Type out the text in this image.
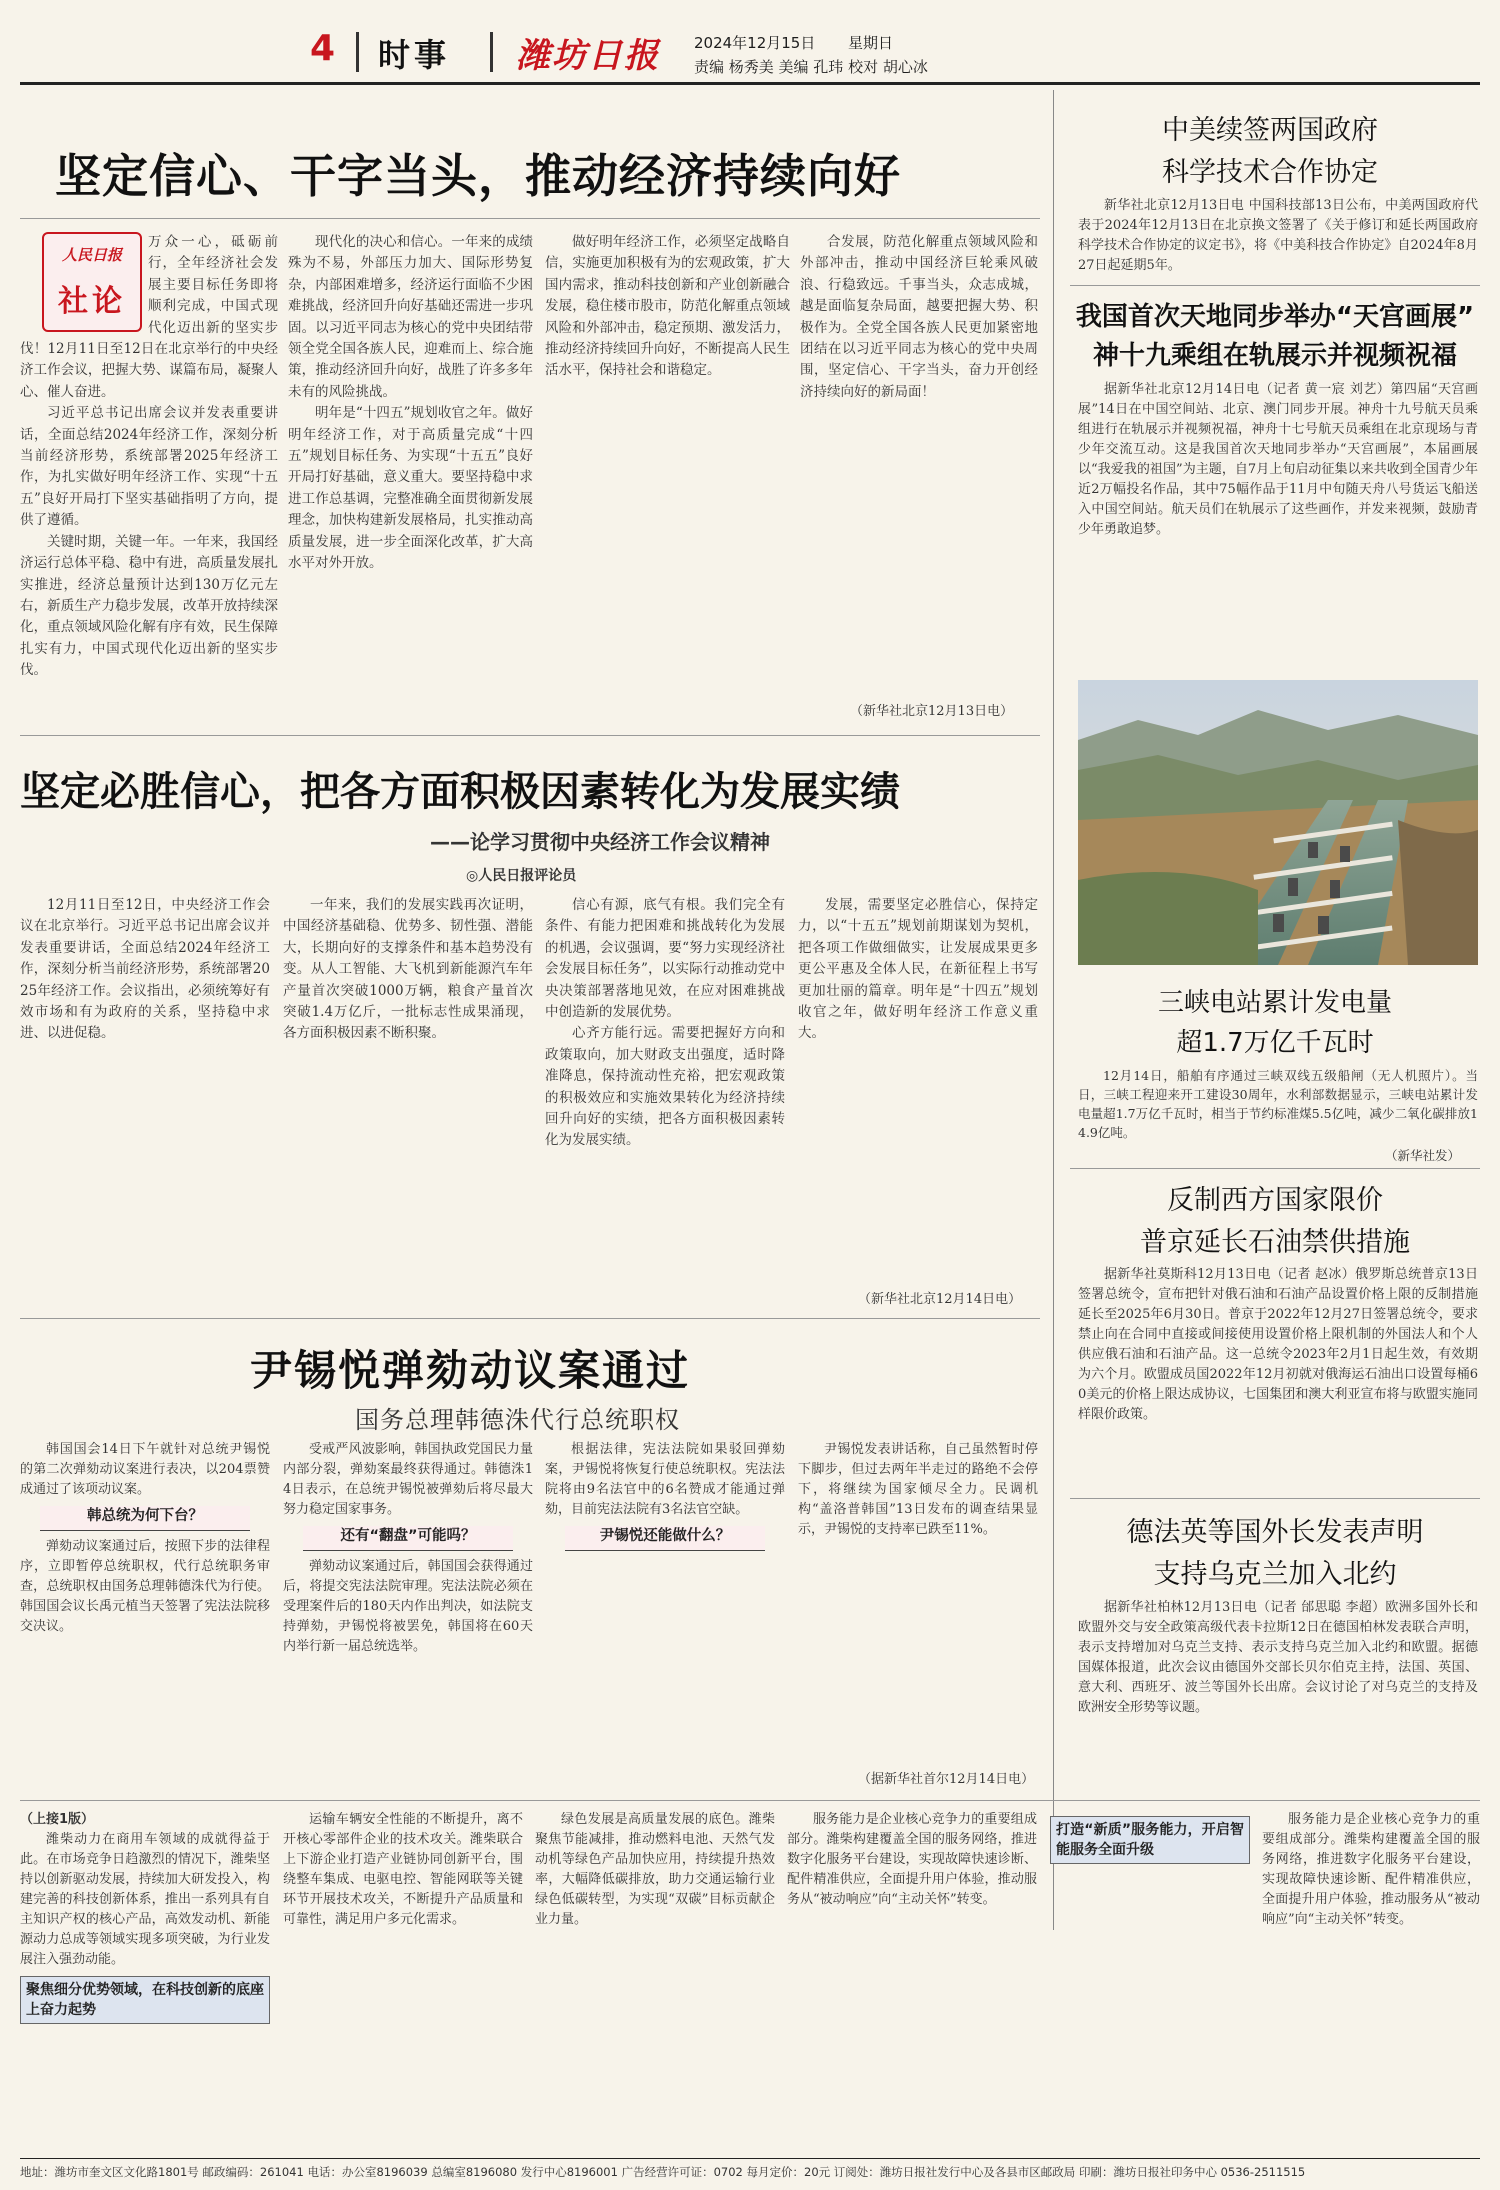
4 时事 潍坊日报 2024年12月15日 星期日
责编 杨秀美 美编 孔玮 校对 胡心冰
坚定信心、干字当头，推动经济持续向好
人民日报
社论
万众一心，砥砺前行，全年经济社会发展主要目标任务即将顺利完成，中国式现代化迈出新的坚实步伐！12月11日至12日在北京举行的中央经济工作会议，把握大势、谋篇布局，凝聚人心、催人奋进。

习近平总书记出席会议并发表重要讲话，全面总结2024年经济工作，深刻分析当前经济形势，系统部署2025年经济工作，为扎实做好明年经济工作、实现“十五五”良好开局打下坚实基础指明了方向，提供了遵循。

关键时期，关键一年。一年来，我国经济运行总体平稳、稳中有进，高质量发展扎实推进，经济总量预计达到130万亿元左右，新质生产力稳步发展，改革开放持续深化，重点领域风险化解有序有效，民生保障扎实有力，中国式现代化迈出新的坚实步伐。

现代化的决心和信心。一年来的成绩殊为不易，外部压力加大、国际形势复杂，内部困难增多，经济运行面临不少困难挑战，经济回升向好基础还需进一步巩固。以习近平同志为核心的党中央团结带领全党全国各族人民，迎难而上、综合施策，推动经济回升向好，战胜了许多多年未有的风险挑战。

明年是“十四五”规划收官之年。做好明年经济工作，对于高质量完成“十四五”规划目标任务、为实现“十五五”良好开局打好基础，意义重大。要坚持稳中求进工作总基调，完整准确全面贯彻新发展理念，加快构建新发展格局，扎实推动高质量发展，进一步全面深化改革，扩大高水平对外开放。

做好明年经济工作，必须坚定战略自信，实施更加积极有为的宏观政策，扩大国内需求，推动科技创新和产业创新融合发展，稳住楼市股市，防范化解重点领域风险和外部冲击，稳定预期、激发活力，推动经济持续回升向好，不断提高人民生活水平，保持社会和谐稳定。

合发展，防范化解重点领域风险和外部冲击，推动中国经济巨轮乘风破浪、行稳致远。千事当头，众志成城，越是面临复杂局面，越要把握大势、积极作为。全党全国各族人民更加紧密地团结在以习近平同志为核心的党中央周围，坚定信心、干字当头，奋力开创经济持续向好的新局面！

（新华社北京12月13日电）
坚定必胜信心，把各方面积极因素转化为发展实绩
——论学习贯彻中央经济工作会议精神
◎人民日报评论员

12月11日至12日，中央经济工作会议在北京举行。习近平总书记出席会议并发表重要讲话，全面总结2024年经济工作，深刻分析当前经济形势，系统部署2025年经济工作。会议指出，必须统筹好有效市场和有为政府的关系，坚持稳中求进、以进促稳。

一年来，我们的发展实践再次证明，中国经济基础稳、优势多、韧性强、潜能大，长期向好的支撑条件和基本趋势没有变。从人工智能、大飞机到新能源汽车年产量首次突破1000万辆，粮食产量首次突破1.4万亿斤，一批标志性成果涌现，各方面积极因素不断积聚。

信心有源，底气有根。我们完全有条件、有能力把困难和挑战转化为发展的机遇，会议强调，要“努力实现经济社会发展目标任务”，以实际行动推动党中央决策部署落地见效，在应对困难挑战中创造新的发展优势。

心齐方能行远。需要把握好方向和政策取向，加大财政支出强度，适时降准降息，保持流动性充裕，把宏观政策的积极效应和实施效果转化为经济持续回升向好的实绩，把各方面积极因素转化为发展实绩。

发展，需要坚定必胜信心，保持定力，以“十五五”规划前期谋划为契机，把各项工作做细做实，让发展成果更多更公平惠及全体人民，在新征程上书写更加壮丽的篇章。明年是“十四五”规划收官之年，做好明年经济工作意义重大。

（新华社北京12月14日电）
尹锡悦弹劾动议案通过
国务总理韩德洙代行总统职权

韩国国会14日下午就针对总统尹锡悦的第二次弹劾动议案进行表决，以204票赞成通过了该项动议案。

韩总统为何下台？

弹劾动议案通过后，按照下步的法律程序，立即暂停总统职权，代行总统职务审查，总统职权由国务总理韩德洙代为行使。韩国国会议长禹元植当天签署了宪法法院移交决议。

受戒严风波影响，韩国执政党国民力量内部分裂，弹劾案最终获得通过。韩德洙14日表示，在总统尹锡悦被弹劾后将尽最大努力稳定国家事务。

还有“翻盘”可能吗？

弹劾动议案通过后，韩国国会获得通过后，将提交宪法法院审理。宪法法院必须在受理案件后的180天内作出判决，如法院支持弹劾，尹锡悦将被罢免，韩国将在60天内举行新一届总统选举。

根据法律，宪法法院如果驳回弹劾案，尹锡悦将恢复行使总统职权。宪法法院将由9名法官中的6名赞成才能通过弹劾，目前宪法法院有3名法官空缺。

尹锡悦还能做什么？

尹锡悦发表讲话称，自己虽然暂时停下脚步，但过去两年半走过的路绝不会停下，将继续为国家倾尽全力。民调机构“盖洛普韩国”13日发布的调查结果显示，尹锡悦的支持率已跌至11%。

（据新华社首尔12月14日电）
（上接1版）

潍柴动力在商用车领域的成就得益于此。在市场竞争日趋激烈的情况下，潍柴坚持以创新驱动发展，持续加大研发投入，构建完善的科技创新体系，推出一系列具有自主知识产权的核心产品，高效发动机、新能源动力总成等领域实现多项突破，为行业发展注入强劲动能。

聚焦细分优势领域，在科技创新的底座上奋力起势

运输车辆安全性能的不断提升，离不开核心零部件企业的技术攻关。潍柴联合上下游企业打造产业链协同创新平台，围绕整车集成、电驱电控、智能网联等关键环节开展技术攻关，不断提升产品质量和可靠性，满足用户多元化需求。

绿色发展是高质量发展的底色。潍柴聚焦节能减排，推动燃料电池、天然气发动机等绿色产品加快应用，持续提升热效率，大幅降低碳排放，助力交通运输行业绿色低碳转型，为实现“双碳”目标贡献企业力量。

服务能力是企业核心竞争力的重要组成部分。潍柴构建覆盖全国的服务网络，推进数字化服务平台建设，实现故障快速诊断、配件精准供应，全面提升用户体验，推动服务从“被动响应”向“主动关怀”转变。

打造“新质”服务能力，开启智能服务全面升级
中美续签两国政府
科学技术合作协定
新华社北京12月13日电 中国科技部13日公布，中美两国政府代表于2024年12月13日在北京换文签署了《关于修订和延长两国政府科学技术合作协定的议定书》，将《中美科技合作协定》自2024年8月27日起延期5年。
我国首次天地同步举办“天宫画展”
神十九乘组在轨展示并视频祝福
据新华社北京12月14日电（记者 黄一宸 刘艺）第四届“天宫画展”14日在中国空间站、北京、澳门同步开展。神舟十九号航天员乘组进行在轨展示并视频祝福，神舟十七号航天员乘组在北京现场与青少年交流互动。这是我国首次天地同步举办“天宫画展”，本届画展以“我爱我的祖国”为主题，自7月上旬启动征集以来共收到全国青少年近2万幅投名作品，其中75幅作品于11月中旬随天舟八号货运飞船送入中国空间站。航天员们在轨展示了这些画作，并发来视频，鼓励青少年勇敢追梦。
三峡电站累计发电量
超1.7万亿千瓦时
12月14日，船舶有序通过三峡双线五级船闸（无人机照片）。当日，三峡工程迎来开工建设30周年，水利部数据显示，三峡电站累计发电量超1.7万亿千瓦时，相当于节约标准煤5.5亿吨，减少二氧化碳排放14.9亿吨。
（新华社发）
反制西方国家限价
普京延长石油禁供措施
据新华社莫斯科12月13日电（记者 赵冰）俄罗斯总统普京13日签署总统令，宣布把针对俄石油和石油产品设置价格上限的反制措施延长至2025年6月30日。普京于2022年12月27日签署总统令，要求禁止向在合同中直接或间接使用设置价格上限机制的外国法人和个人供应俄石油和石油产品。这一总统令2023年2月1日起生效，有效期为六个月。欧盟成员国2022年12月初就对俄海运石油出口设置每桶60美元的价格上限达成协议，七国集团和澳大利亚宣布将与欧盟实施同样限价政策。
德法英等国外长发表声明
支持乌克兰加入北约
据新华社柏林12月13日电（记者 邰思聪 李超）欧洲多国外长和欧盟外交与安全政策高级代表卡拉斯12日在德国柏林发表联合声明，表示支持增加对乌克兰支持、表示支持乌克兰加入北约和欧盟。据德国媒体报道，此次会议由德国外交部长贝尔伯克主持，法国、英国、意大利、西班牙、波兰等国外长出席。会议讨论了对乌克兰的支持及欧洲安全形势等议题。

服务能力是企业核心竞争力的重要组成部分。潍柴构建覆盖全国的服务网络，推进数字化服务平台建设，实现故障快速诊断、配件精准供应，全面提升用户体验，推动服务从“被动响应”向“主动关怀”转变。

地址：潍坊市奎文区文化路1801号 邮政编码：261041 电话：办公室8196039 总编室8196080 发行中心8196001 广告经营许可证：0702 每月定价：20元 订阅处：潍坊日报社发行中心及各县市区邮政局 印刷：潍坊日报社印务中心 0536-2511515
